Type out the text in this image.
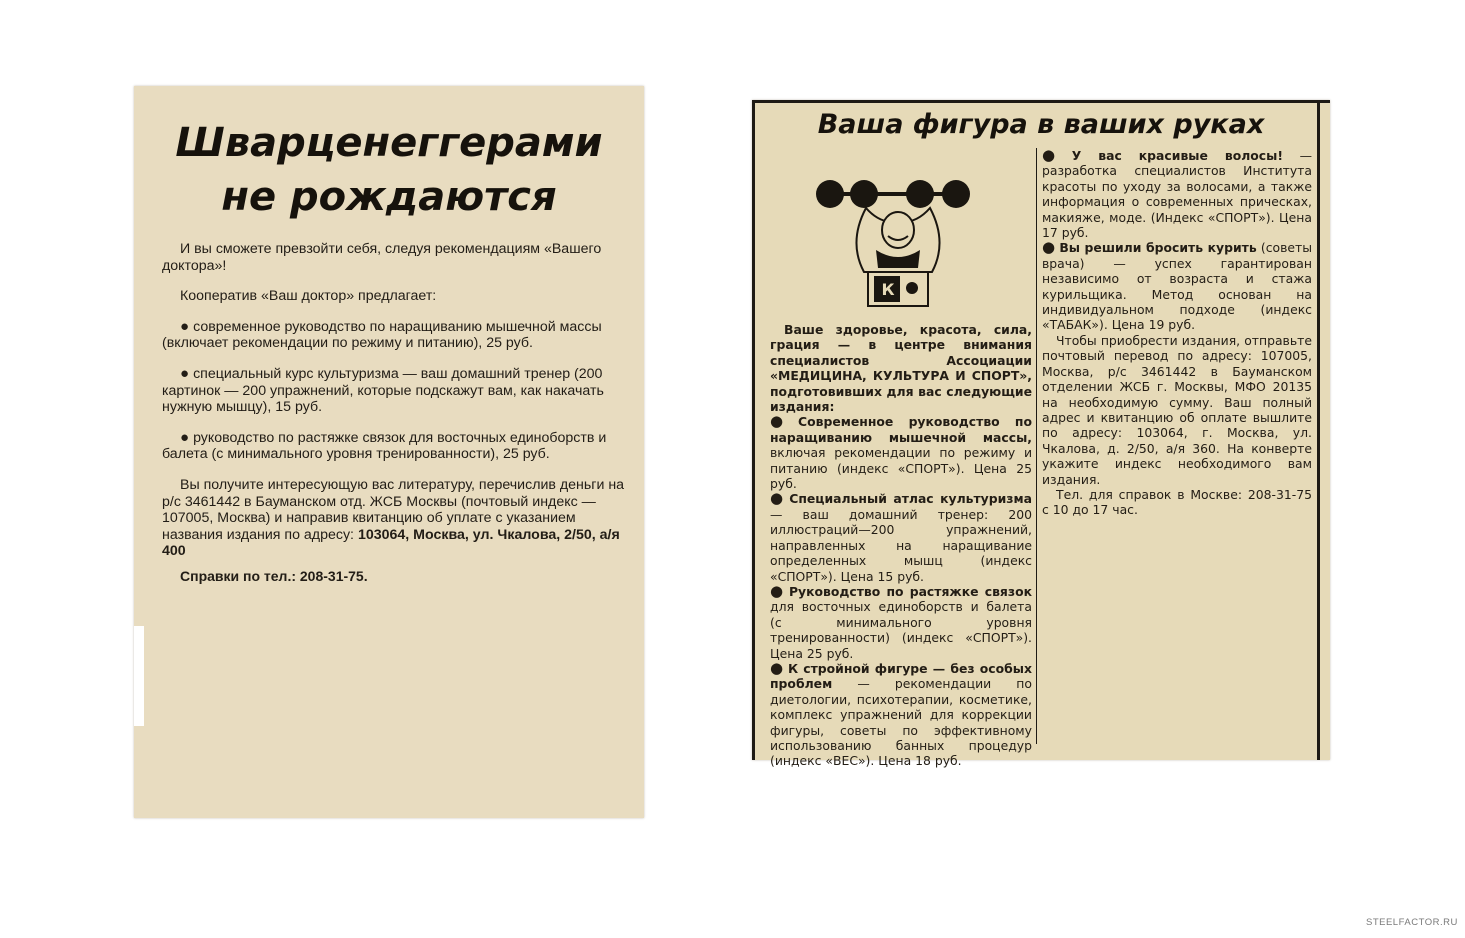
Шварценеггерами
не рождаются

И вы сможете превзойти себя, следуя рекомендациям «Вашего доктора»!

Кооператив «Ваш доктор» предлагает:

● современное руководство по наращиванию мышечной массы (включает рекомендации по режиму и питанию), 25 руб.

● специальный курс культуризма — ваш домашний тренер (200 картинок — 200 упражнений, которые подскажут вам, как накачать нужную мышцу), 15 руб.

● руководство по растяжке связок для восточных единоборств и балета (с минимального уровня тренированности), 25 руб.

Вы получите интересующую вас литературу, перечислив деньги на р/с 3461442 в Бауманском отд. ЖСБ Москвы (почтовый индекс — 107005, Москва) и направив квитанцию об уплате с указанием названия издания по адресу: 103064, Москва, ул. Чкалова, 2/50, а/я 400

Справки по тел.: 208-31-75.

Ваша фигура в ваших руках
К

Ваше здоровье, красота, сила, грация — в центре внимания специалистов Ассоциации «МЕДИЦИНА, КУЛЬТУРА И СПОРТ», подготовивших для вас следующие издания:

● Современное руководство по наращиванию мышечной массы, включая рекомендации по режиму и питанию (индекс «СПОРТ»). Цена 25 руб.

● Специальный атлас культуризма — ваш домашний тренер: 200 иллюстраций—200 упражнений, направленных на наращивание определенных мышц (индекс «СПОРТ»). Цена 15 руб.

● Руководство по растяжке связок для восточных единоборств и балета (с минимального уровня тренированности) (индекс «СПОРТ»). Цена 25 руб.

● К стройной фигуре — без особых проблем — рекомендации по диетологии, психотерапии, косметике, комплекс упражнений для коррекции фигуры, советы по эффективному использованию банных процедур (индекс «ВЕС»). Цена 18 руб.

● У вас красивые волосы! — разработка специалистов Института красоты по уходу за волосами, а также информация о современных прическах, макияже, моде. (Индекс «СПОРТ»). Цена 17 руб.

● Вы решили бросить курить (советы врача) — успех гарантирован независимо от возраста и стажа курильщика. Метод основан на индивидуальном подходе (индекс «ТАБАК»). Цена 19 руб.

Чтобы приобрести издания, отправьте почтовый перевод по адресу: 107005, Москва, р/с 3461442 в Бауманском отделении ЖСБ г. Москвы, МФО 20135 на необходимую сумму. Ваш полный адрес и квитанцию об оплате вышлите по адресу: 103064, г. Москва, ул. Чкалова, д. 2/50, а/я 360. На конверте укажите индекс необходимого вам издания.

Тел. для справок в Москве: 208-31-75 с 10 до 17 час.

STEELFACTOR.RU
